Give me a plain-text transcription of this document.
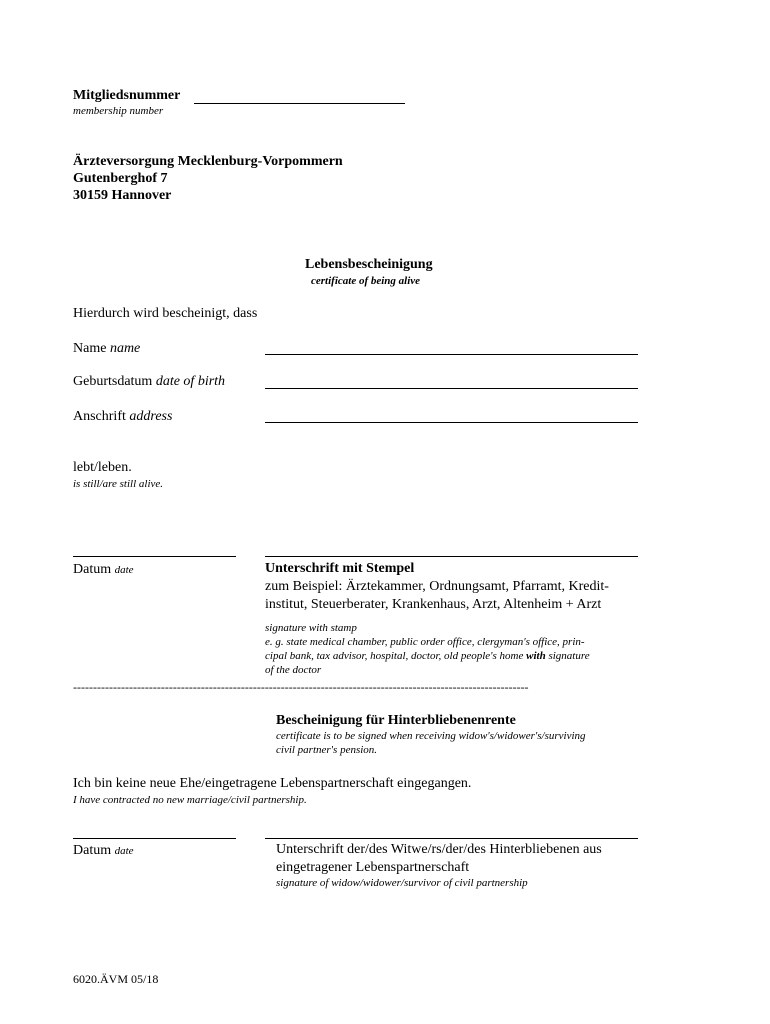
Mitgliedsnummer
membership number
Ärzteversorgung Mecklenburg-Vorpommern
Gutenberghof 7
30159 Hannover
Lebensbescheinigung
certificate of being alive
Hierdurch wird bescheinigt, dass
Name name
Geburtsdatum date of birth
Anschrift address
lebt/leben.
is still/are still alive.
Datum date	Unterschrift mit Stempel
zum Beispiel: Ärztekammer, Ordnungsamt, Pfarramt, Kredit-
institut, Steuerberater, Krankenhaus, Arzt, Altenheim + Arzt
signature with stamp
e. g. state medical chamber, public order office, clergyman's office, prin-
cipal bank, tax advisor, hospital, doctor, old people's home with signature
of the doctor
------------------------------------------------------------------------------------------------------------------
Bescheinigung für Hinterbliebenenrente
certificate is to be signed when receiving widow's/widower's/surviving
civil partner's pension.
Ich bin keine neue Ehe/eingetragene Lebenspartnerschaft eingegangen.
I have contracted no new marriage/civil partnership.
Datum date	Unterschrift der/des Witwe/rs/der/des Hinterbliebenen aus
eingetragener Lebenspartnerschaft
signature of widow/widower/survivor of civil partnership
6020.ÄVM 05/18
